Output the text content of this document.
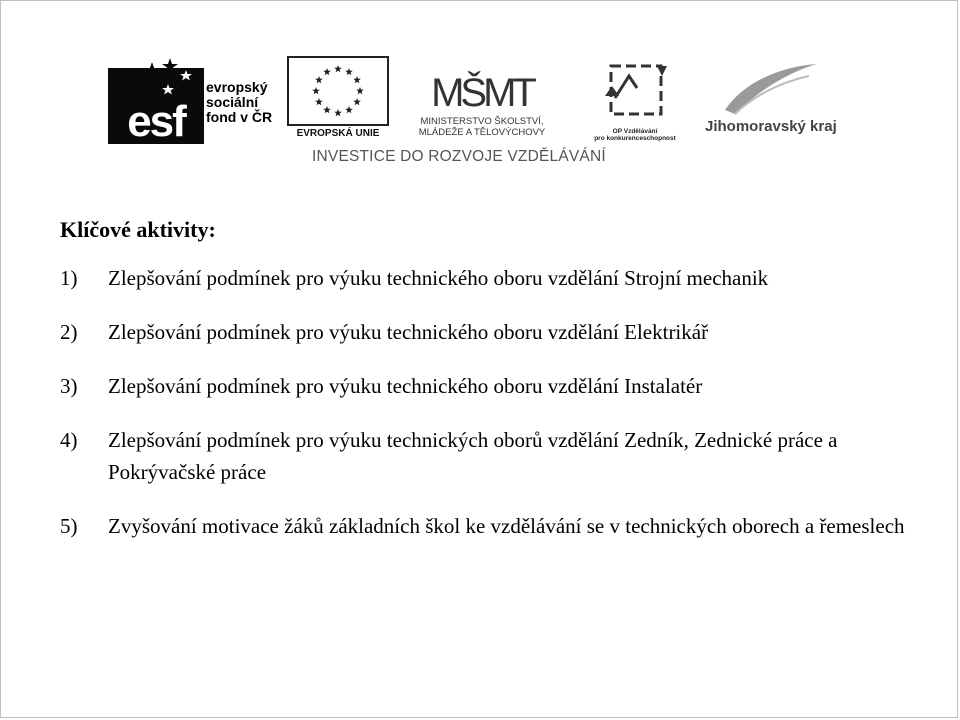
esf
evropský
sociální
fond v ČR
EVROPSKÁ UNIE
MŠMT
MINISTERSTVO ŠKOLSTVÍ,
MLÁDEŽE A TĚLOVÝCHOVY	OP Vzdělávání
pro konkurenceschopnost
Jihomoravský kraj
INVESTICE DO ROZVOJE VZDĚLÁVÁNÍ
Klíčové aktivity:
1) Zlepšování podmínek pro výuku technického oboru vzdělání Strojní mechanik
2) Zlepšování podmínek pro výuku technického oboru vzdělání Elektrikář
3) Zlepšování podmínek pro výuku technického oboru vzdělání Instalatér
4) Zlepšování podmínek pro výuku technických oborů vzdělání Zedník, Zednické práce a Pokrývačské práce
5) Zvyšování motivace žáků základních škol ke vzdělávání se v technických oborech a řemeslech
